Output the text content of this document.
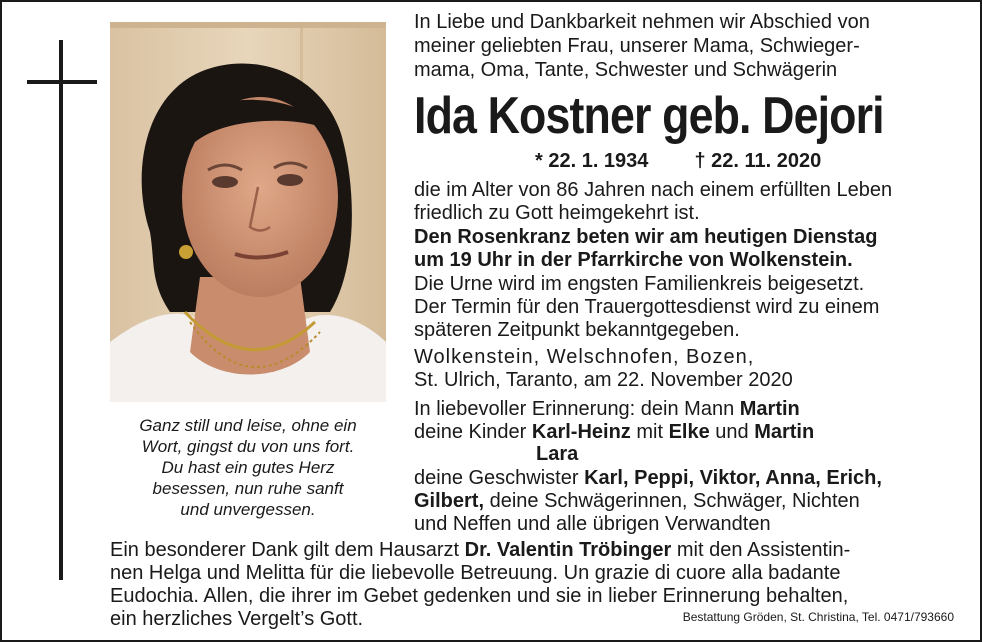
Ganz still und leise, ohne ein
Wort, gingst du von uns fort.
Du hast ein gutes Herz
besessen, nun ruhe sanft
und unvergessen.
In Liebe und Dankbarkeit nehmen wir Abschied von
meiner geliebten Frau, unserer Mama, Schwieger-
mama, Oma, Tante, Schwester und Schwägerin
Ida Kostner geb. Dejori
* 22. 1. 1934 † 22. 11. 2020
die im Alter von 86 Jahren nach einem erfüllten Leben
friedlich zu Gott heimgekehrt ist.
Den Rosenkranz beten wir am heutigen Dienstag
um 19 Uhr in der Pfarrkirche von Wolkenstein.
Die Urne wird im engsten Familienkreis beigesetzt.
Der Termin für den Trauergottesdienst wird zu einem
späteren Zeitpunkt bekanntgegeben.
Wolkenstein, Welschnofen, Bozen,
St. Ulrich, Taranto, am 22. November 2020
In liebevoller Erinnerung: dein Mann Martin
deine Kinder Karl-Heinz mit Elke und Martin
Lara
deine Geschwister Karl, Peppi, Viktor, Anna, Erich,
Gilbert, deine Schwägerinnen, Schwäger, Nichten
und Neffen und alle übrigen Verwandten
Ein besonderer Dank gilt dem Hausarzt Dr. Valentin Tröbinger mit den Assistentin-
nen Helga und Melitta für die liebevolle Betreuung. Un grazie di cuore alla badante
Eudochia. Allen, die ihrer im Gebet gedenken und sie in lieber Erinnerung behalten,
ein herzliches Vergelt’s Gott.	Bestattung Gröden, St. Christina, Tel. 0471/793660
